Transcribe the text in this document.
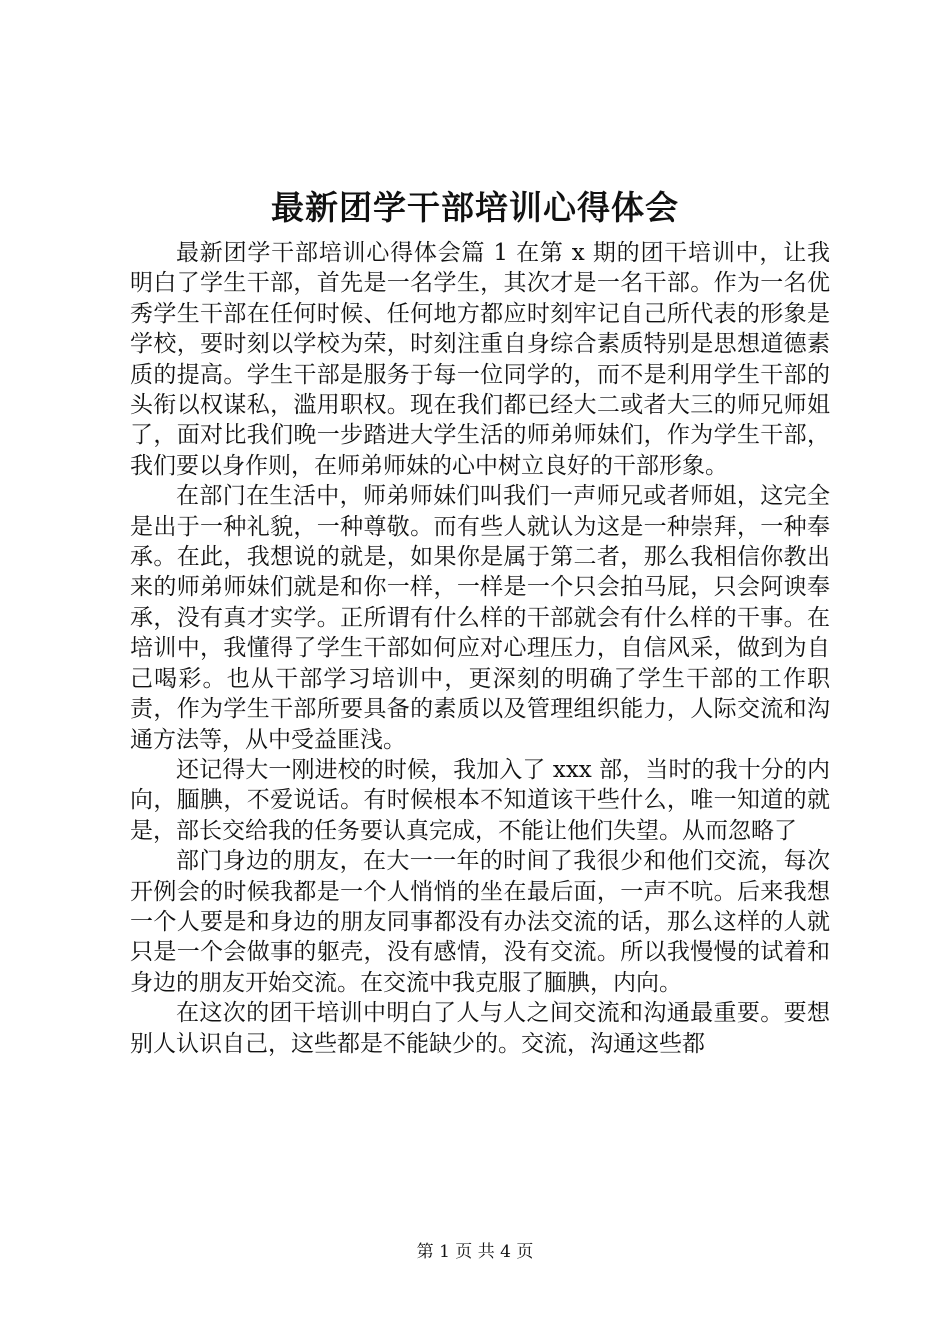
最新团学干部培训心得体会

最新团学干部培训心得体会篇 1 在第 x 期的团干培训中，让我明白了学生干部，首先是一名学生，其次才是一名干部。作为一名优秀学生干部在任何时候、任何地方都应时刻牢记自己所代表的形象是学校，要时刻以学校为荣，时刻注重自身综合素质特别是思想道德素质的提高。学生干部是服务于每一位同学的，而不是利用学生干部的头衔以权谋私，滥用职权。现在我们都已经大二或者大三的师兄师姐了，面对比我们晚一步踏进大学生活的师弟师妹们，作为学生干部，我们要以身作则，在师弟师妹的心中树立良好的干部形象。

在部门在生活中，师弟师妹们叫我们一声师兄或者师姐，这完全是出于一种礼貌，一种尊敬。而有些人就认为这是一种崇拜，一种奉承。在此，我想说的就是，如果你是属于第二者，那么我相信你教出来的师弟师妹们就是和你一样，一样是一个只会拍马屁，只会阿谀奉承，没有真才实学。正所谓有什么样的干部就会有什么样的干事。在培训中，我懂得了学生干部如何应对心理压力，自信风采，做到为自己喝彩。也从干部学习培训中，更深刻的明确了学生干部的工作职责，作为学生干部所要具备的素质以及管理组织能力，人际交流和沟通方法等，从中受益匪浅。

还记得大一刚进校的时候，我加入了 xxx 部，当时的我十分的内向，腼腆，不爱说话。有时候根本不知道该干些什么，唯一知道的就是，部长交给我的任务要认真完成，不能让他们失望。从而忽略了

部门身边的朋友，在大一一年的时间了我很少和他们交流，每次开例会的时候我都是一个人悄悄的坐在最后面，一声不吭。后来我想一个人要是和身边的朋友同事都没有办法交流的话，那么这样的人就只是一个会做事的躯壳，没有感情，没有交流。所以我慢慢的试着和身边的朋友开始交流。在交流中我克服了腼腆，内向。

在这次的团干培训中明白了人与人之间交流和沟通最重要。要想别人认识自己，这些都是不能缺少的。交流，沟通这些都

第 1 页 共 4 页
